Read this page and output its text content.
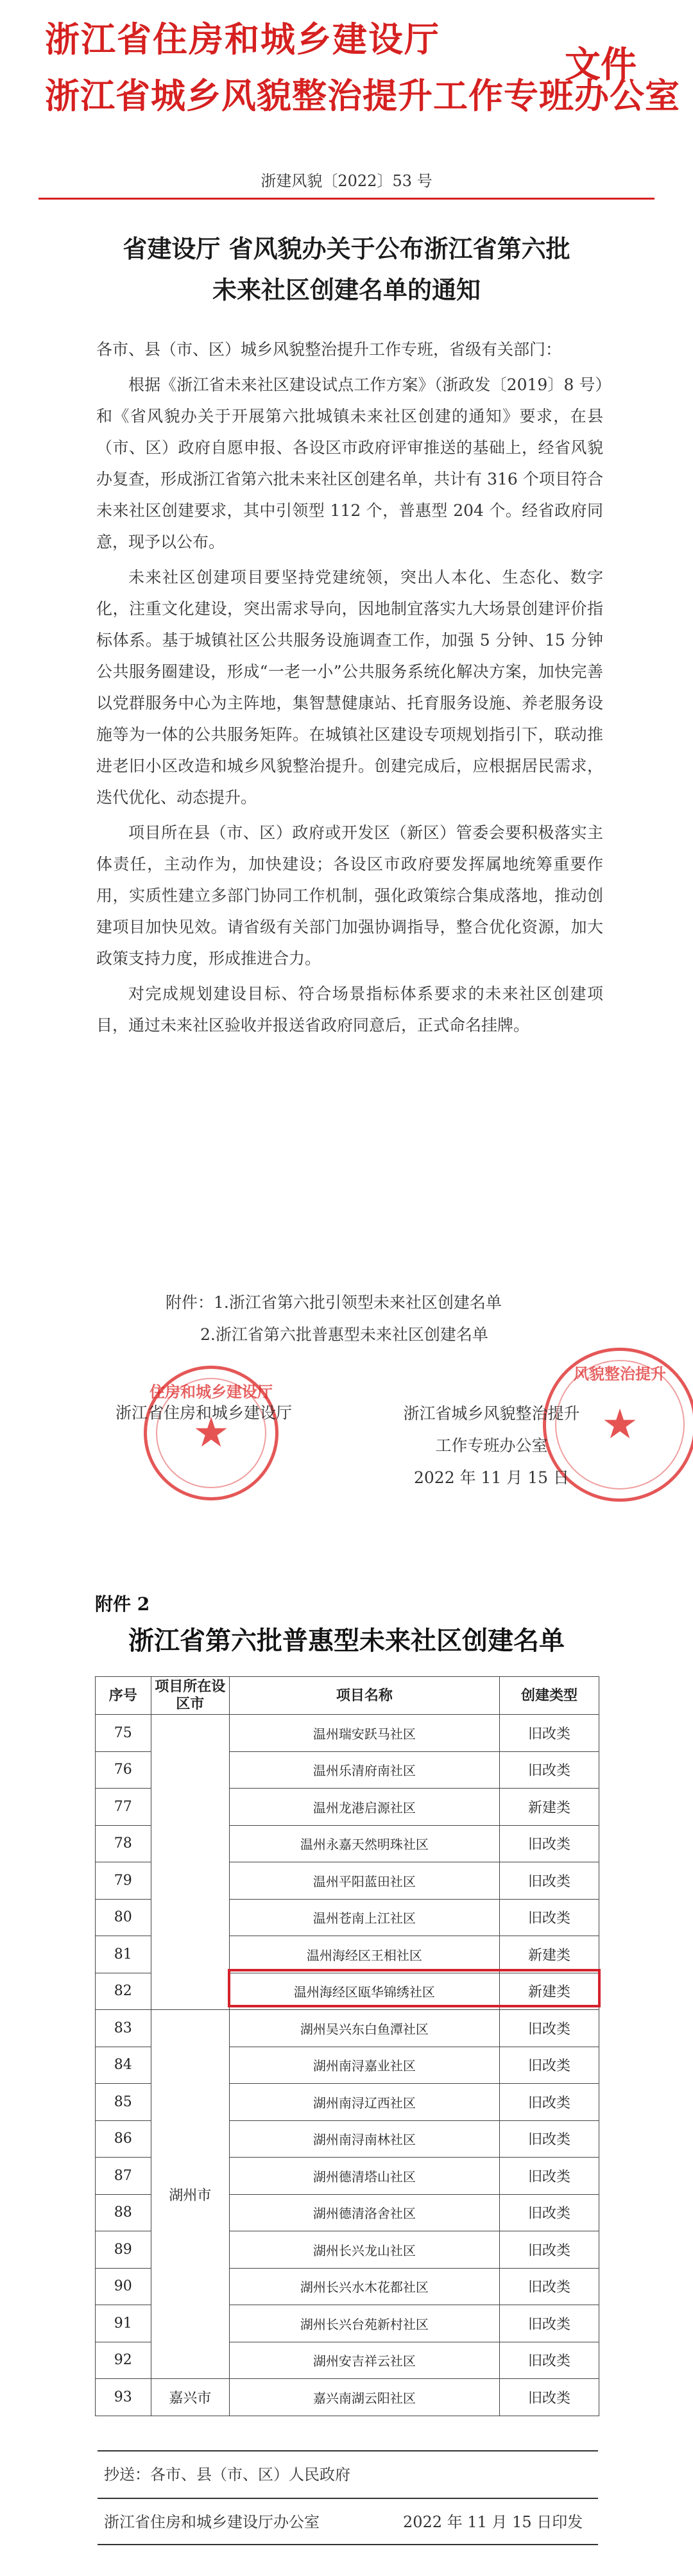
浙江省住房和城乡建设厅
浙江省城乡风貌整治提升工作专班办公室
文件
浙建风貌〔2022〕53 号
省建设厅 省风貌办关于公布浙江省第六批
未来社区创建名单的通知

各市、县（市、区）城乡风貌整治提升工作专班，省级有关部门：

根据《浙江省未来社区建设试点工作方案》（浙政发〔2019〕8 号）和《省风貌办关于开展第六批城镇未来社区创建的通知》要求，在县（市、区）政府自愿申报、各设区市政府评审推送的基础上，经省风貌办复查，形成浙江省第六批未来社区创建名单，共计有 316 个项目符合未来社区创建要求，其中引领型 112 个，普惠型 204 个。经省政府同意，现予以公布。

未来社区创建项目要坚持党建统领，突出人本化、生态化、数字化，注重文化建设，突出需求导向，因地制宜落实九大场景创建评价指标体系。基于城镇社区公共服务设施调查工作，加强 5 分钟、15 分钟公共服务圈建设，形成“一老一小”公共服务系统化解决方案，加快完善以党群服务中心为主阵地，集智慧健康站、托育服务设施、养老服务设施等为一体的公共服务矩阵。在城镇社区建设专项规划指引下，联动推进老旧小区改造和城乡风貌整治提升。创建完成后，应根据居民需求，迭代优化、动态提升。

项目所在县（市、区）政府或开发区（新区）管委会要积极落实主体责任，主动作为，加快建设；各设区市政府要发挥属地统筹重要作用，实质性建立多部门协同工作机制，强化政策综合集成落地，推动创建项目加快见效。请省级有关部门加强协调指导，整合优化资源，加大政策支持力度，形成推进合力。

对完成规划建设目标、符合场景指标体系要求的未来社区创建项目，通过未来社区验收并报送省政府同意后，正式命名挂牌。

附件：1.浙江省第六批引领型未来社区创建名单
2.浙江省第六批普惠型未来社区创建名单
住房和城乡建设厅
★
风貌整治提升
★
浙江省住房和城乡建设厅	浙江省城乡风貌整治提升
工作专班办公室
2022 年 11 月 15 日
附件 2
浙江省第六批普惠型未来社区创建名单
序号	项目所在设区市	项目名称	创建类型
75		温州瑞安跃马社区	旧改类
76		温州乐清府南社区	旧改类
77		温州龙港启源社区	新建类
78		温州永嘉天然明珠社区	旧改类
79		温州平阳蓝田社区	旧改类
80		温州苍南上江社区	旧改类
81		温州海经区王相社区	新建类
82		温州海经区瓯华锦绣社区	新建类
83	湖州市	湖州吴兴东白鱼潭社区	旧改类
84		湖州南浔嘉业社区	旧改类
85		湖州南浔辽西社区	旧改类
86		湖州南浔南林社区	旧改类
87		湖州德清塔山社区	旧改类
88		湖州德清洛舍社区	旧改类
89		湖州长兴龙山社区	旧改类
90		湖州长兴水木花都社区	旧改类
91		湖州长兴台苑新村社区	旧改类
92		湖州安吉祥云社区	旧改类
93	嘉兴市	嘉兴南湖云阳社区	旧改类
抄送：各市、县（市、区）人民政府
浙江省住房和城乡建设厅办公室	2022 年 11 月 15 日印发
